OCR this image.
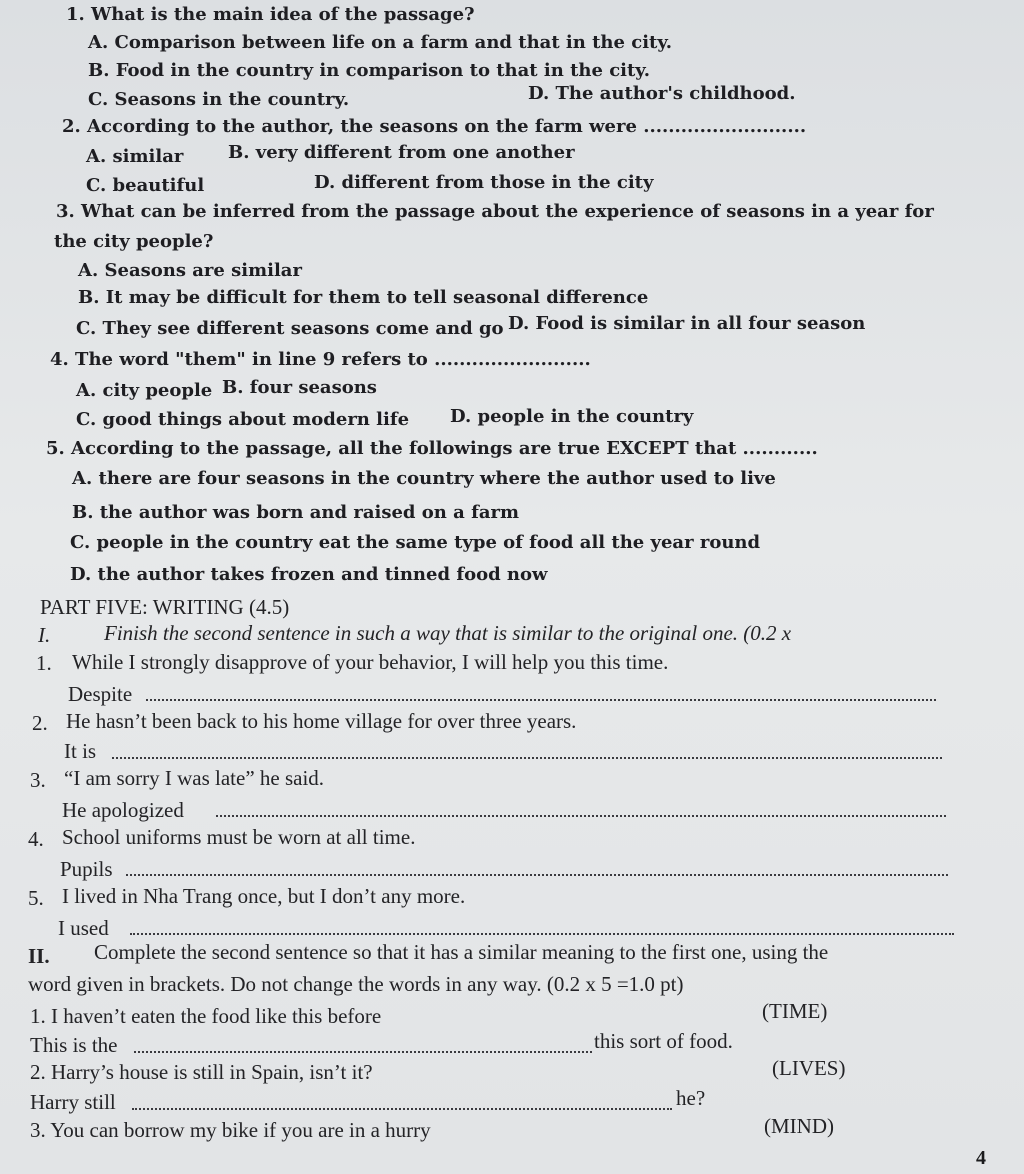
1. What is the main idea of the passage?
A. Comparison between life on a farm and that in the city.
B. Food in the country in comparison to that in the city.
C. Seasons in the country.	D. The author's childhood.
2. According to the author, the seasons on the farm were ..........................
A. similar B. very different from one another
C. beautiful	D. different from those in the city
3. What can be inferred from the passage about the experience of seasons in a year for
the city people?
A. Seasons are similar
B. It may be difficult for them to tell seasonal difference
C. They see different seasons come and go D. Food is similar in all four season
4. The word "them" in line 9 refers to .........................
A. city people B. four seasons
C. good things about modern life D. people in the country
5. According to the passage, all the followings are true EXCEPT that ............
A. there are four seasons in the country where the author used to live
B. the author was born and raised on a farm
C. people in the country eat the same type of food all the year round
D. the author takes frozen and tinned food now
PART FIVE: WRITING (4.5)
I.	Finish the second sentence in such a way that is similar to the original one. (0.2 x
1. While I strongly disapprove of your behavior, I will help you this time.
Despite
2. He hasn’t been back to his home village for over three years.
It is
3. “I am sorry I was late” he said.
He apologized
4. School uniforms must be worn at all time.
Pupils
5. I lived in Nha Trang once, but I don’t any more.
I used
II. Complete the second sentence so that it has a similar meaning to the first one, using the
word given in brackets. Do not change the words in any way. (0.2 x 5 =1.0 pt)
1. I haven’t eaten the food like this before	(TIME)
This is the	this sort of food.
2. Harry’s house is still in Spain, isn’t it?	(LIVES)
Harry still	he?
3. You can borrow my bike if you are in a hurry	(MIND)
4
